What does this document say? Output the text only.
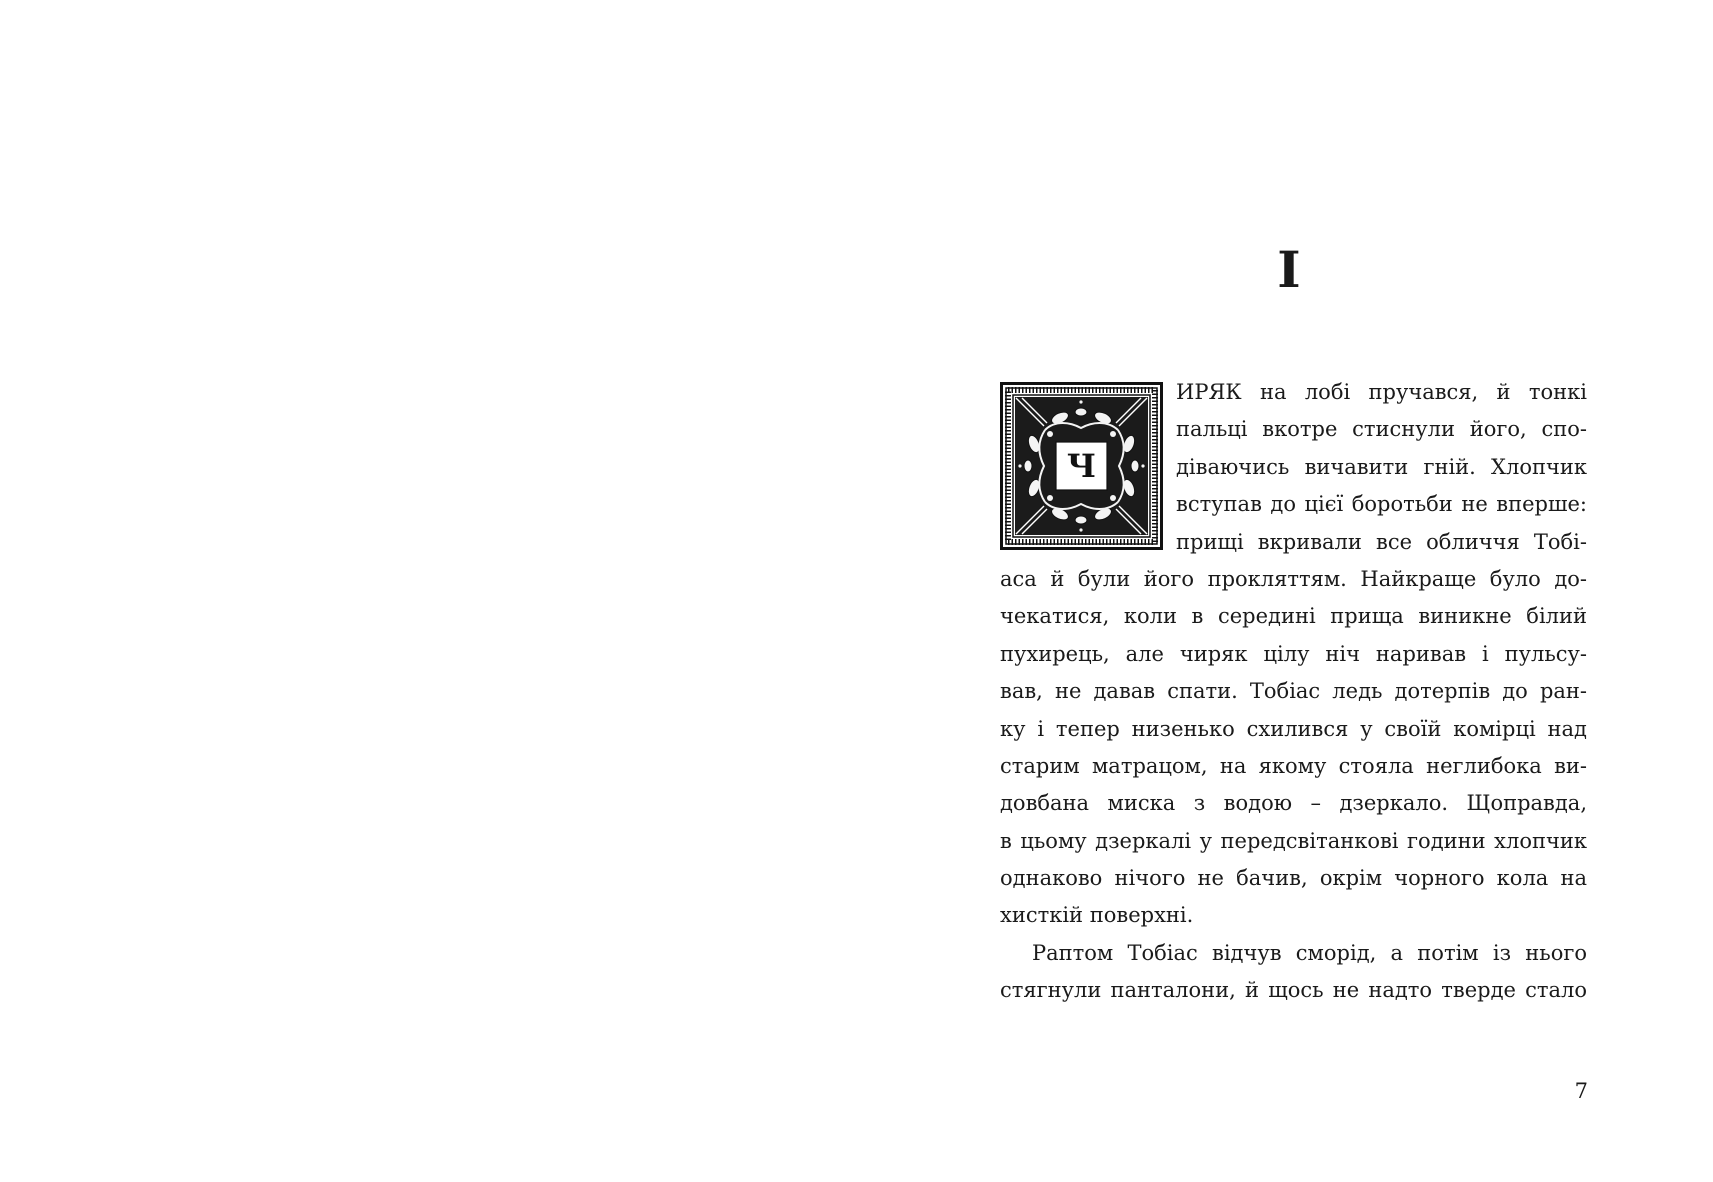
I
Ч
ИРЯК на лобі пручався, й тонкі
пальці вкотре стиснули його, спо-
діваючись вичавити гній. Хлопчик
вступав до цієї боротьби не вперше:
прищі вкривали все обличчя Тобі-
аса й були його прокляттям. Найкраще було до-
чекатися, коли в середині прища виникне білий
пухирець, але чиряк цілу ніч наривав і пульсу-
вав, не давав спати. Тобіас ледь дотерпів до ран-
ку і тепер низенько схилився у своїй комірці над
старим матрацом, на якому стояла неглибока ви-
довбана миска з водою – дзеркало. Щоправда,
в цьому дзеркалі у передсвітанкові години хлопчик
однаково нічого не бачив, окрім чорного кола на
хисткій поверхні.
Раптом Тобіас відчув сморід, а потім із нього
стягнули панталони, й щось не надто тверде стало
7
